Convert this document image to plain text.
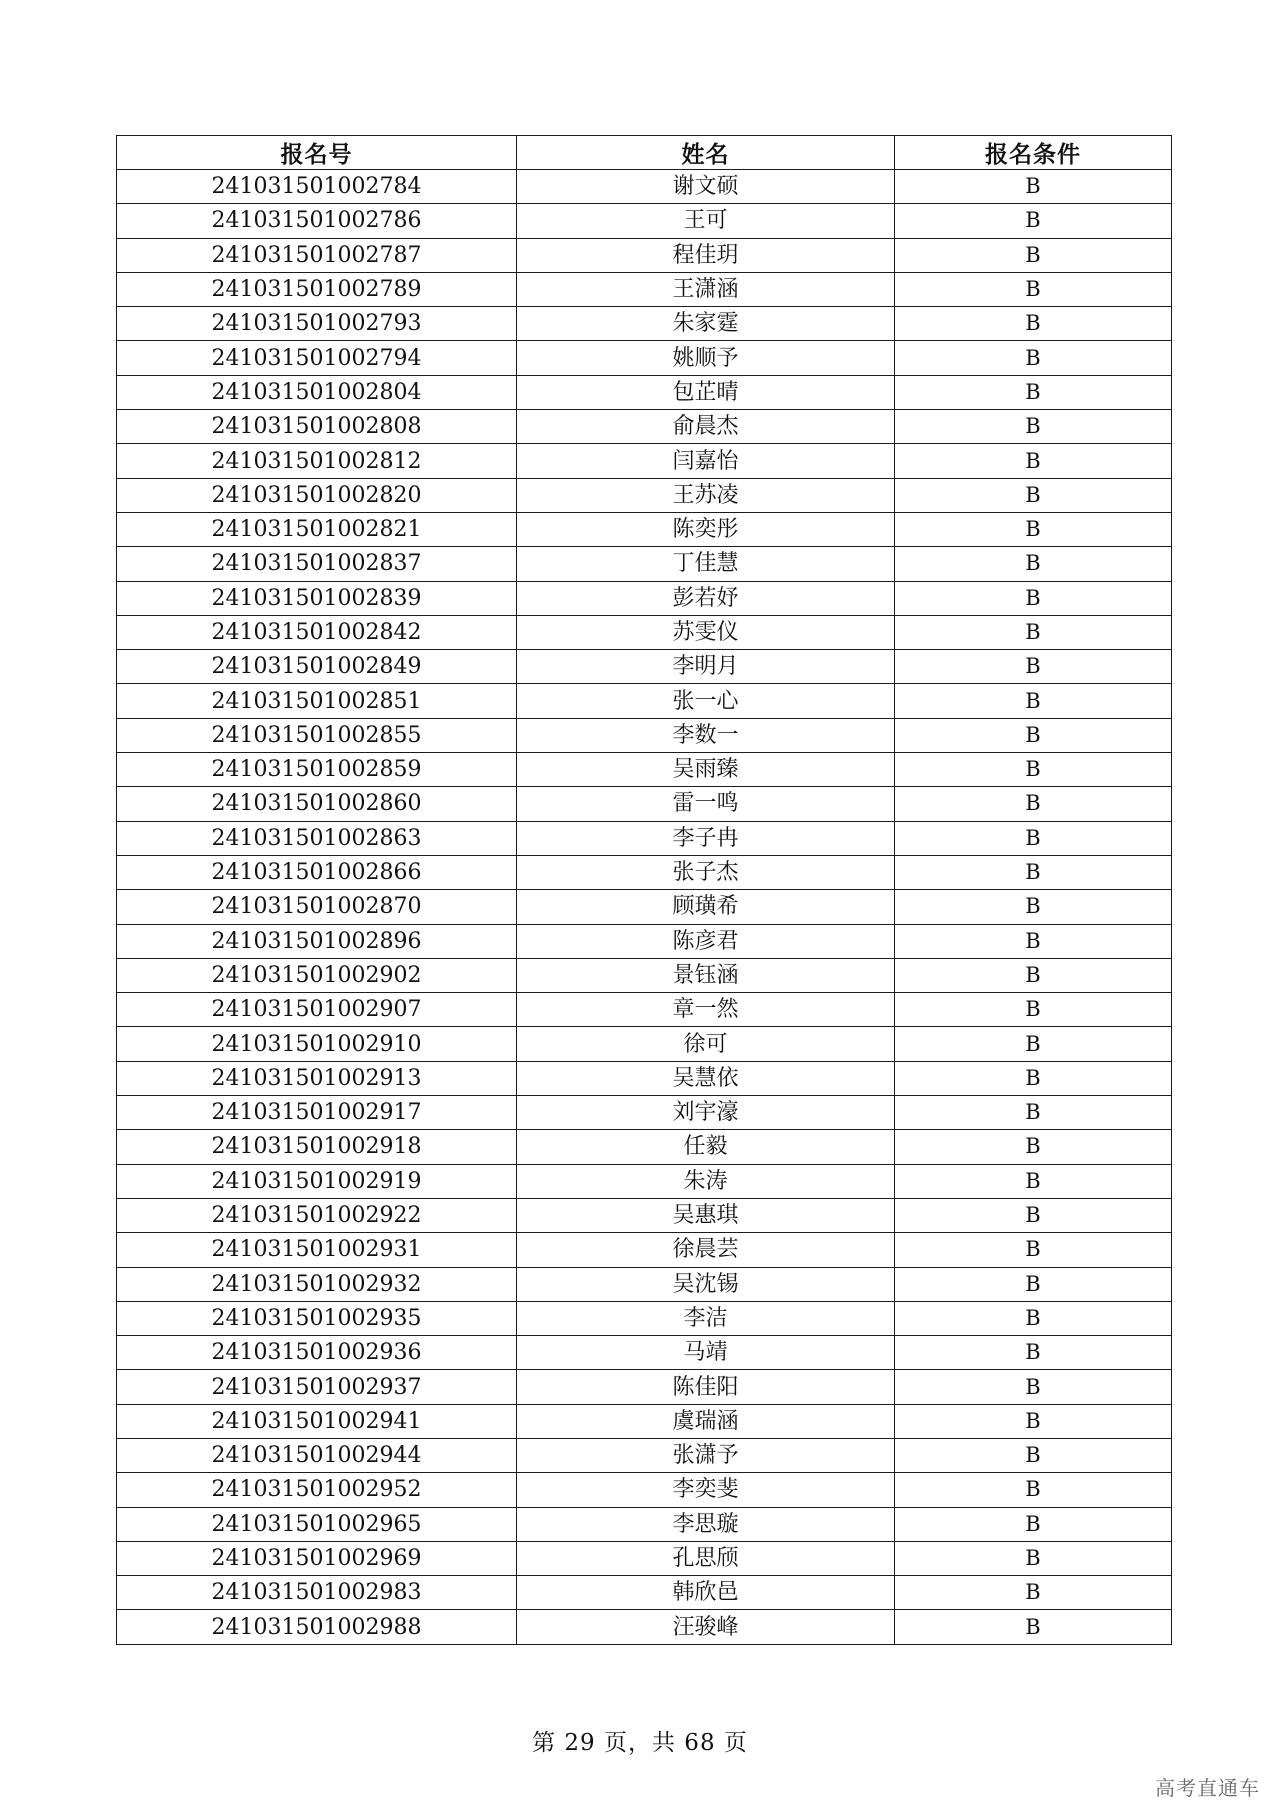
报名号	姓名	报名条件
241031501002784	谢文硕	B
241031501002786	王可	B
241031501002787	程佳玥	B
241031501002789	王潇涵	B
241031501002793	朱家霆	B
241031501002794	姚顺予	B
241031501002804	包芷晴	B
241031501002808	俞晨杰	B
241031501002812	闫嘉怡	B
241031501002820	王苏凌	B
241031501002821	陈奕彤	B
241031501002837	丁佳慧	B
241031501002839	彭若妤	B
241031501002842	苏雯仪	B
241031501002849	李明月	B
241031501002851	张一心	B
241031501002855	李数一	B
241031501002859	吴雨臻	B
241031501002860	雷一鸣	B
241031501002863	李子冉	B
241031501002866	张子杰	B
241031501002870	顾璜希	B
241031501002896	陈彦君	B
241031501002902	景钰涵	B
241031501002907	章一然	B
241031501002910	徐可	B
241031501002913	吴慧依	B
241031501002917	刘宇濠	B
241031501002918	任毅	B
241031501002919	朱涛	B
241031501002922	吴惠琪	B
241031501002931	徐晨芸	B
241031501002932	吴沈锡	B
241031501002935	李洁	B
241031501002936	马靖	B
241031501002937	陈佳阳	B
241031501002941	虞瑞涵	B
241031501002944	张潇予	B
241031501002952	李奕斐	B
241031501002965	李思璇	B
241031501002969	孔思颀	B
241031501002983	韩欣邑	B
241031501002988	汪骏峰	B
第 29 页，共 68 页
高考直通车
